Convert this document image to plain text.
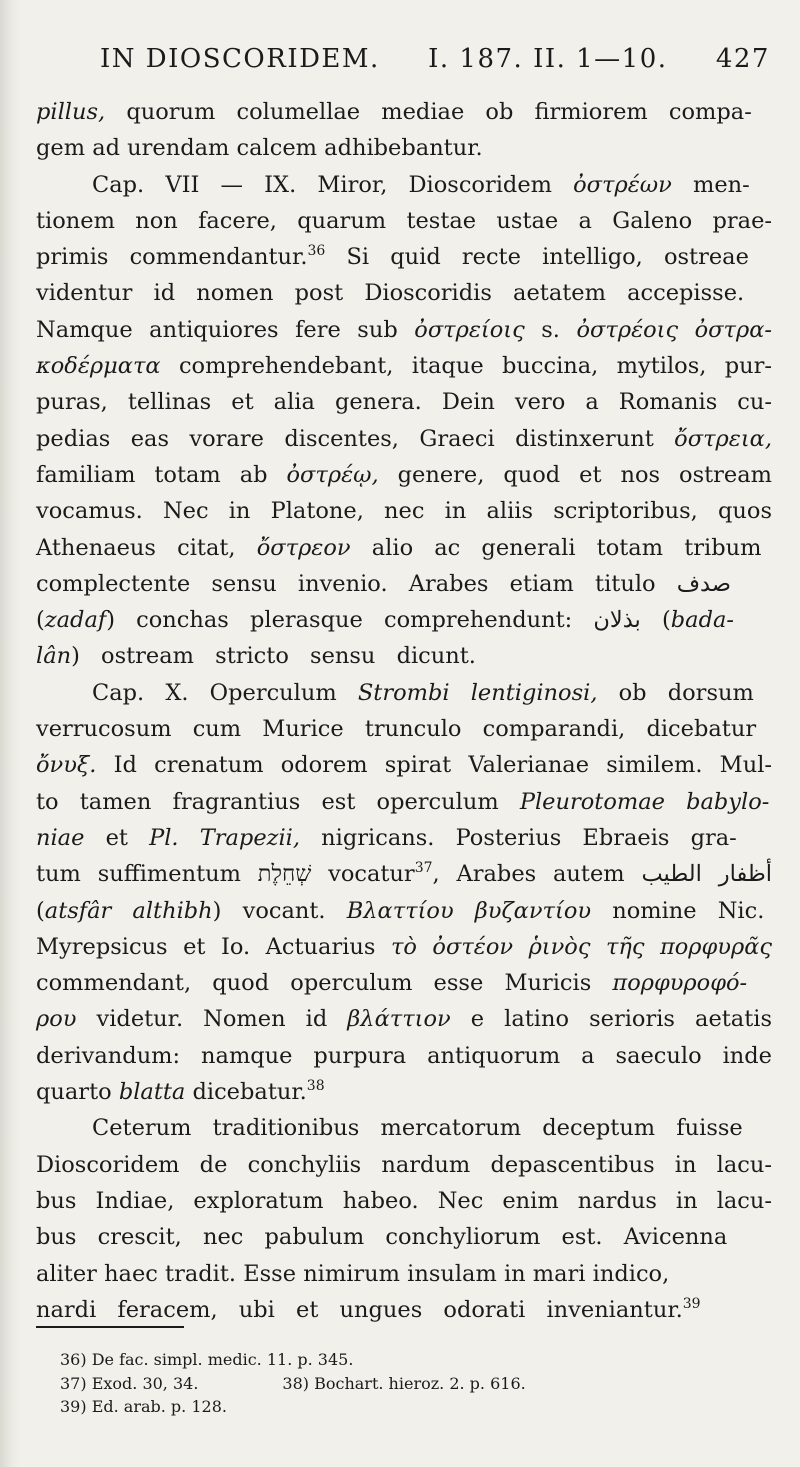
IN DIOSCORIDEM. I. 187. II. 1—10. 427
pillus, quorum columellae mediae ob firmiorem compa-
gem ad urendam calcem adhibebantur.
Cap. VII — IX. Miror, Dioscoridem ὀστρέων men-
tionem non facere, quarum testae ustae a Galeno prae-
primis commendantur.$^{36}$ Si quid recte intelligo, ostreae
videntur id nomen post Dioscoridis aetatem accepisse.
Namque antiquiores fere sub ὀστρείοις s. ὀστρέοις ὀστρα-
κοδέρματα comprehendebant, itaque buccina, mytilos, pur-
puras, tellinas et alia genera. Dein vero a Romanis cu-
pedias eas vorare discentes, Graeci distinxerunt ὄστρεια,
familiam totam ab ὀστρέῳ, genere, quod et nos ostream
vocamus. Nec in Platone, nec in aliis scriptoribus, quos
Athenaeus citat, ὄστρεον alio ac generali totam tribum
complectente sensu invenio. Arabes etiam titulo صدف
(zadaf) conchas plerasque comprehendunt: بذلان (bada-
lân) ostream stricto sensu dicunt.
Cap. X. Operculum Strombi lentiginosi, ob dorsum
verrucosum cum Murice trunculo comparandi, dicebatur
ὄνυξ. Id crenatum odorem spirat Valerianae similem. Mul-
to tamen fragrantius est operculum Pleurotomae babylo-
niae et Pl. Trapezii, nigricans. Posterius Ebraeis gra-
tum suffimentum שְׁחֵלֶת vocatur$^{37}$, Arabes autem أظفار الطيب
(atsfâr althibh) vocant. Βλαττίου βυζαντίου nomine Nic.
Myrepsicus et Io. Actuarius τὸ ὀστέον ῥινὸς τῆς πορφυρᾶς
commendant, quod operculum esse Muricis πορφυροφό-
ρου videtur. Nomen id βλάττιον e latino serioris aetatis
derivandum: namque purpura antiquorum a saeculo inde
quarto blatta dicebatur.$^{38}$
Ceterum traditionibus mercatorum deceptum fuisse
Dioscoridem de conchyliis nardum depascentibus in lacu-
bus Indiae, exploratum habeo. Nec enim nardus in lacu-
bus crescit, nec pabulum conchyliorum est. Avicenna
aliter haec tradit. Esse nimirum insulam in mari indico,
nardi feracem, ubi et ungues odorati inveniantur.$^{39}$
36) De fac. simpl. medic. 11. p. 345.
37) Exod. 30, 34.	38) Bochart. hieroz. 2. p. 616.
39) Ed. arab. p. 128.
